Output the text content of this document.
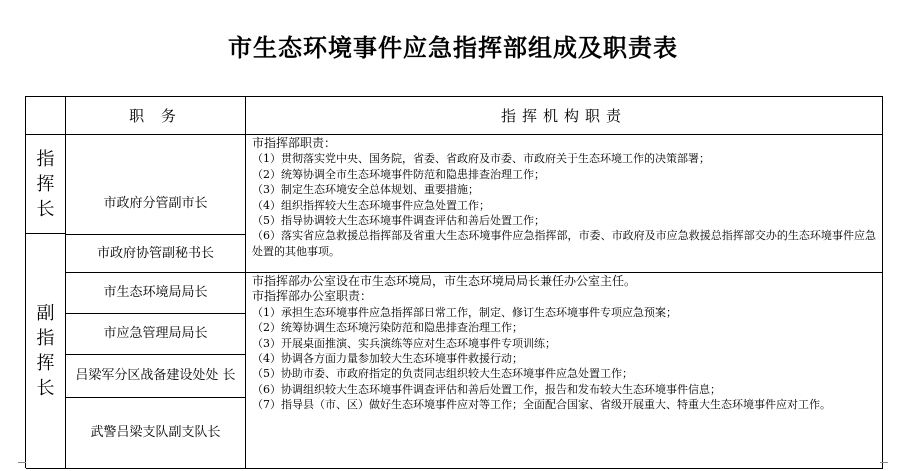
市生态环境事件应急指挥部组成及职责表
职 务	指挥机构职责
指挥长
副指挥长
市政府分管副市长
市政府协管副秘书长
市生态环境局局长
市应急管理局局长
吕梁军分区战备建设处处 长
武警吕梁支队副支队长
市指挥部职责：
（1）贯彻落实党中央、国务院，省委、省政府及市委、市政府关于生态环境工作的决策部署；
（2）统筹协调全市生态环境事件防范和隐患排查治理工作；
（3）制定生态环境安全总体规划、重要措施；
（4）组织指挥较大生态环境事件应急处置工作；
（5）指导协调较大生态环境事件调查评估和善后处置工作；
（6）落实省应急救援总指挥部及省重大生态环境事件应急指挥部，市委、市政府及市应急救援总指挥部交办的生态环境事件应急处置的其他事项。
市指挥部办公室设在市生态环境局，市生态环境局局长兼任办公室主任。
市指挥部办公室职责：
（1）承担生态环境事件应急指挥部日常工作，制定、修订生态环境事件专项应急预案；
（2）统筹协调生态环境污染防范和隐患排查治理工作；
（3）开展桌面推演、实兵演练等应对生态环境事件专项训练；
（4）协调各方面力量参加较大生态环境事件救援行动；
（5）协助市委、市政府指定的负责同志组织较大生态环境事件应急处置工作；
（6）协调组织较大生态环境事件调查评估和善后处置工作，报告和发布较大生态环境事件信息；
（7）指导县（市、区）做好生态环境事件应对等工作；全面配合国家、省级开展重大、特重大生态环境事件应对工作。
